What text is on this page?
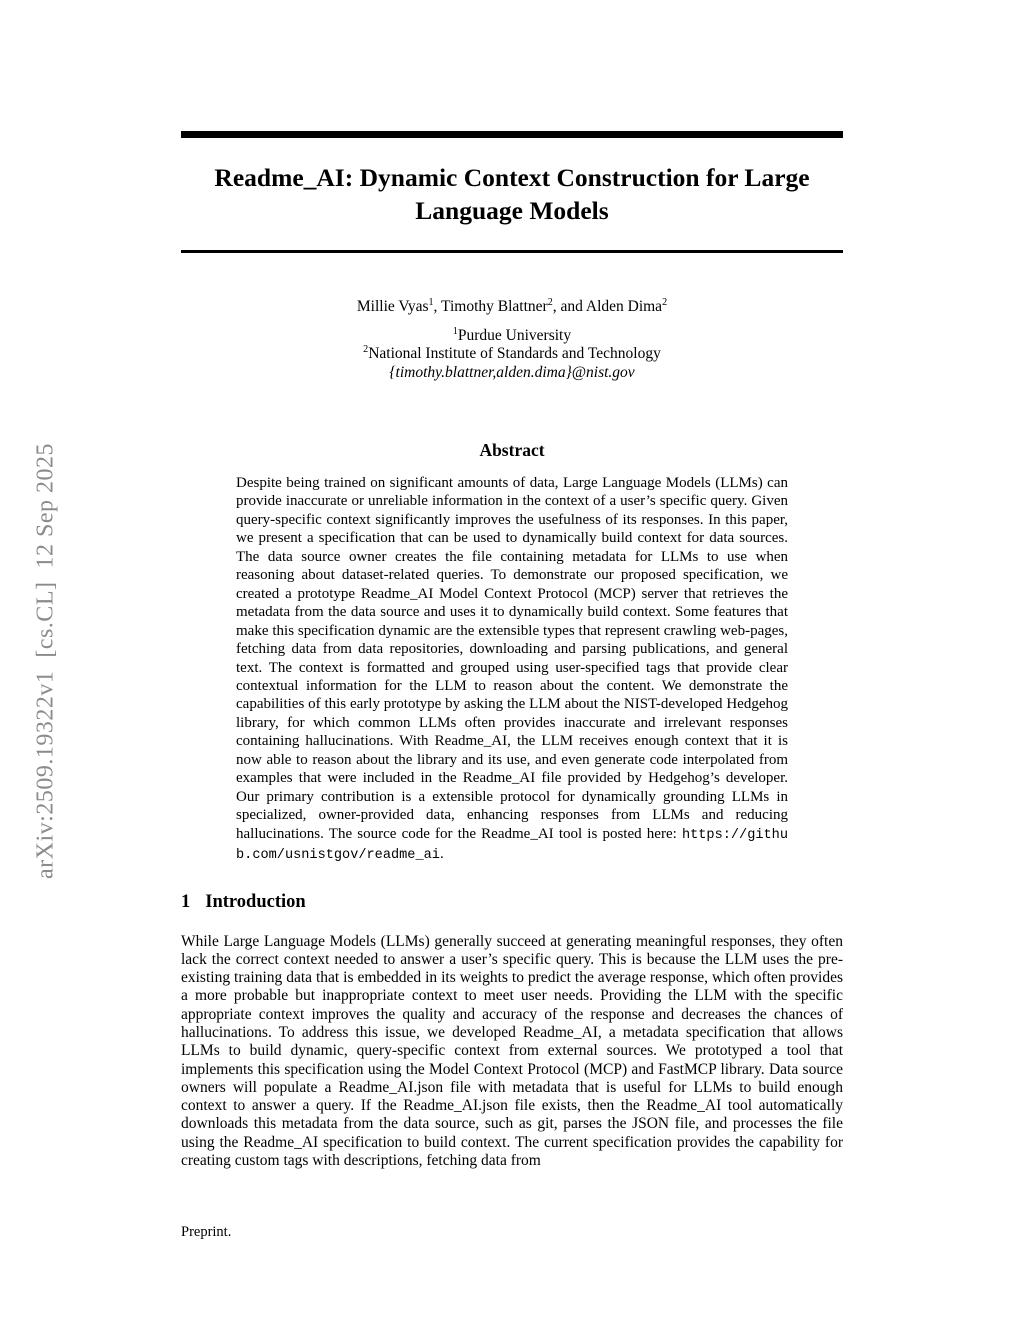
arXiv:2509.19322v1  [cs.CL]  12 Sep 2025
Readme_AI: Dynamic Context Construction for Large Language Models
Millie Vyas$^1$, Timothy Blattner$^2$, and Alden Dima$^2$
$^1$Purdue University
$^2$National Institute of Standards and Technology
{timothy.blattner,alden.dima}@nist.gov
Abstract

Despite being trained on significant amounts of data, Large Language Models (LLMs) can provide inaccurate or unreliable information in the context of a user’s specific query. Given query-specific context significantly improves the usefulness of its responses. In this paper, we present a specification that can be used to dynamically build context for data sources. The data source owner creates the file containing metadata for LLMs to use when reasoning about dataset-related queries. To demonstrate our proposed specification, we created a prototype Readme_AI Model Context Protocol (MCP) server that retrieves the metadata from the data source and uses it to dynamically build context. Some features that make this specification dynamic are the extensible types that represent crawling web-pages, fetching data from data repositories, downloading and parsing publications, and general text. The context is formatted and grouped using user-specified tags that provide clear contextual information for the LLM to reason about the content. We demonstrate the capabilities of this early prototype by asking the LLM about the NIST-developed Hedgehog library, for which common LLMs often provides inaccurate and irrelevant responses containing hallucinations. With Readme_AI, the LLM receives enough context that it is now able to reason about the library and its use, and even generate code interpolated from examples that were included in the Readme_AI file provided by Hedgehog’s developer. Our primary contribution is a extensible protocol for dynamically grounding LLMs in specialized, owner-provided data, enhancing responses from LLMs and reducing hallucinations. The source code for the Readme_AI tool is posted here: https://github.com/usnistgov/readme_ai.

1 Introduction

While Large Language Models (LLMs) generally succeed at generating meaningful responses, they often lack the correct context needed to answer a user’s specific query. This is because the LLM uses the pre-existing training data that is embedded in its weights to predict the average response, which often provides a more probable but inappropriate context to meet user needs. Providing the LLM with the specific appropriate context improves the quality and accuracy of the response and decreases the chances of hallucinations. To address this issue, we developed Readme_AI, a metadata specification that allows LLMs to build dynamic, query-specific context from external sources. We prototyped a tool that implements this specification using the Model Context Protocol (MCP) and FastMCP library. Data source owners will populate a Readme_AI.json file with metadata that is useful for LLMs to build enough context to answer a query. If the Readme_AI.json file exists, then the Readme_AI tool automatically downloads this metadata from the data source, such as git, parses the JSON file, and processes the file using the Readme_AI specification to build context. The current specification provides the capability for creating custom tags with descriptions, fetching data from

Preprint.
